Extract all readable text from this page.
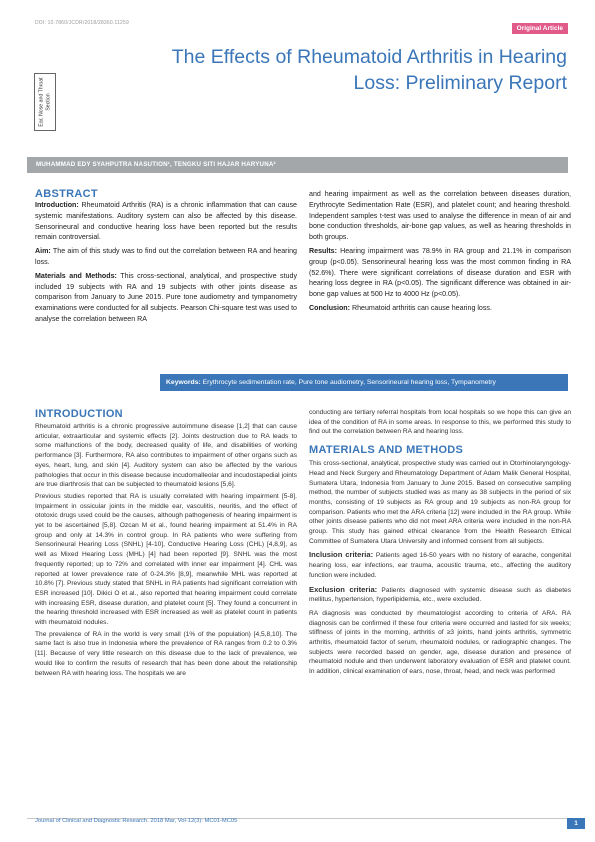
DOI: 10.7860/JCDR/2018/28360.11259
Original Article
Ear, Nose and Throat Section
The Effects of Rheumatoid Arthritis in Hearing Loss: Preliminary Report
MUHAMMAD EDY SYAHPUTRA NASUTION¹, TENGKU SITI HAJAR HARYUNA²
ABSTRACT

Introduction: Rheumatoid Arthritis (RA) is a chronic inflammation that can cause systemic manifestations. Auditory system can also be affected by this disease. Sensorineural and conductive hearing loss have been reported but the results remain controversial.

Aim: The aim of this study was to find out the correlation between RA and hearing loss.

Materials and Methods: This cross-sectional, analytical, and prospective study included 19 subjects with RA and 19 subjects with other joints disease as comparison from January to June 2015. Pure tone audiometry and tympanometry examinations were conducted for all subjects. Pearson Chi-square test was used to analyse the correlation between RA

and hearing impairment as well as the correlation between diseases duration, Erythrocyte Sedimentation Rate (ESR), and platelet count; and hearing threshold. Independent samples t-test was used to analyse the difference in mean of air and bone conduction thresholds, air-bone gap values, as well as hearing thresholds in both groups.

Results: Hearing impairment was 78.9% in RA group and 21.1% in comparison group (p<0.05). Sensorineural hearing loss was the most common finding in RA (52.6%). There were significant correlations of disease duration and ESR with hearing loss degree in RA (p<0.05). The significant difference was obtained in air-bone gap values at 500 Hz to 4000 Hz (p<0.05).

Conclusion: Rheumatoid arthritis can cause hearing loss.

Keywords: Erythrocyte sedimentation rate, Pure tone audiometry, Sensorineural hearing loss, Tympanometry
INTRODUCTION

Rheumatoid arthritis is a chronic progressive autoimmune disease [1,2] that can cause articular, extraarticular and systemic effects [2]. Joints destruction due to RA leads to some malfunctions of the body, decreased quality of life, and disabilities of working performance [3]. Furthermore, RA also contributes to impairment of other organs such as eyes, heart, lung, and skin [4]. Auditory system can also be affected by the various pathologies that occur in this disease because incudomalleolar and incudostapedial joints are true diarthrosis that can be subjected to rheumatoid lesions [5,6].

Previous studies reported that RA is usually correlated with hearing impairment [5-8]. Impairment in ossicular joints in the middle ear, vasculitis, neuritis, and the effect of ototoxic drugs used could be the causes, although pathogenesis of hearing impairment is yet to be ascertained [5,8]. Ozcan M et al., found hearing impairment at 51.4% in RA group and only at 14.3% in control group. In RA patients who were suffering from Sensorineural Hearing Loss (SNHL) [4-10], Conductive Hearing Loss (CHL) [4,8,9], as well as Mixed Hearing Loss (MHL) [4] had been reported [9]. SNHL was the most frequently reported; up to 72% and correlated with inner ear impairment [4]. CHL was reported at lower prevalence rate of 0-24.3% [8,9], meanwhile MHL was reported at 10.8% [7]. Previous study stated that SNHL in RA patients had significant correlation with ESR increased [10]. Dikici O et al., also reported that hearing impairment could correlate with increasing ESR, disease duration, and platelet count [5]. They found a concurrent in the hearing threshold increased with ESR increased as well as platelet count in patients with rheumatoid nodules.

The prevalence of RA in the world is very small (1% of the population) [4,5,8,10]. The same fact is also true in Indonesia where the prevalence of RA ranges from 0.2 to 0.3% [11]. Because of very little research on this disease due to the lack of prevalence, we would like to confirm the results of research that has been done about the relationship between RA with hearing loss. The hospitals we are

conducting are tertiary referral hospitals from local hospitals so we hope this can give an idea of the condition of RA in some areas. In response to this, we performed this study to find out the correlation between RA and hearing loss.

MATERIALS AND METHODS

This cross-sectional, analytical, prospective study was carried out in Otorhinolaryngology-Head and Neck Surgery and Rheumatology Department of Adam Malik General Hospital, Sumatera Utara, Indonesia from January to June 2015. Based on consecutive sampling method, the number of subjects studied was as many as 38 subjects in the period of six months, consisting of 19 subjects as RA group and 19 subjects as non-RA group for comparison. Patients who met the ARA criteria [12] were included in the RA group. While other joints disease patients who did not meet ARA criteria were included in the non-RA group. This study has gained ethical clearance from the Health Research Ethical Committee of Sumatera Utara University and informed consent from all subjects.

Inclusion criteria: Patients aged 16-50 years with no history of earache, congenital hearing loss, ear infections, ear trauma, acoustic trauma, etc., affecting the auditory function were included.

Exclusion criteria: Patients diagnosed with systemic disease such as diabetes mellitus, hypertension, hyperlipidemia, etc., were excluded.

RA diagnosis was conducted by rheumatologist according to criteria of ARA. RA diagnosis can be confirmed if these four criteria were occurred and lasted for six weeks; stiffness of joints in the morning, arthritis of ≥3 joints, hand joints arthritis, symmetric arthritis, rheumatoid factor of serum, rheumatoid nodules, or radiographic changes. The subjects were recorded based on gender, age, disease duration and presence of rheumatoid nodule and then underwent laboratory evaluation of ESR and platelet count. In addition, clinical examination of ears, nose, throat, head, and neck was performed

Journal of Clinical and Diagnostic Research. 2018 Mar, Vol-12(3): MC01-MC05	1
